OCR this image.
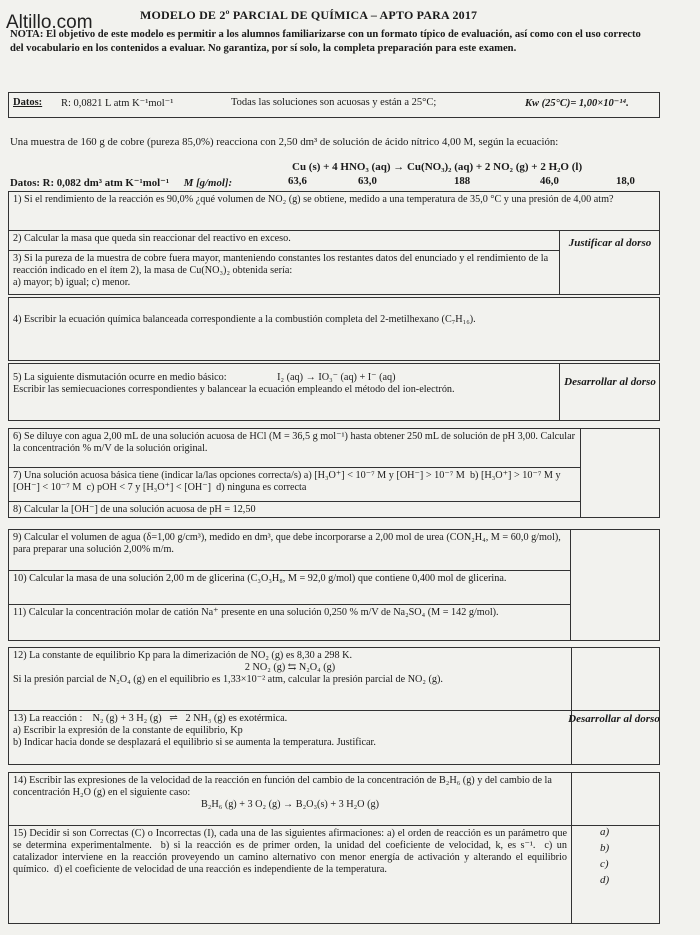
Altillo.com	MODELO DE 2º PARCIAL DE QUÍMICA – APTO PARA 2017
NOTA: El objetivo de este modelo es permitir a los alumnos familiarizarse con un formato típico de evaluación, así como con el uso correcto del vocabulario en los contenidos a evaluar. No garantiza, por sí solo, la completa preparación para este examen.
Datos: R: 0,0821 L atm K⁻¹mol⁻¹	Todas las soluciones son acuosas y están a 25°C;	Kw (25°C)= 1,00×10⁻¹⁴.
Una muestra de 160 g de cobre (pureza 85,0%) reacciona con 2,50 dm³ de solución de ácido nítrico 4,00 M, según la ecuación:
Cu (s) + 4 HNO₃ (aq) → Cu(NO₃)₂ (aq) + 2 NO₂ (g) + 2 H₂O (l)
Datos: R: 0,082 dm³ atm K⁻¹mol⁻¹ M [g/mol]:	63,6	63,0	188	46,0	18,0
1) Si el rendimiento de la reacción es 90,0% ¿qué volumen de NO₂ (g) se obtiene, medido a una temperatura de 35,0 °C y una presión de 4,00 atm?
2) Calcular la masa que queda sin reaccionar del reactivo en exceso.
3) Si la pureza de la muestra de cobre fuera mayor, manteniendo constantes los restantes datos del enunciado y el rendimiento de la reacción indicado en el ítem 2), la masa de Cu(NO₃)₂ obtenida sería:
a) mayor; b) igual; c) menor.
Justificar al dorso
4) Escribir la ecuación química balanceada correspondiente a la combustión completa del 2-metilhexano (C₇H₁₆).
5) La siguiente dismutación ocurre en medio básico:	I₂ (aq) → IO₃⁻ (aq) + I⁻ (aq)
Escribir las semiecuaciones correspondientes y balancear la ecuación empleando el método del ion-electrón.
Desarrollar al dorso
6) Se diluye con agua 2,00 mL de una solución acuosa de HCl (M = 36,5 g mol⁻¹) hasta obtener 250 mL de solución de pH 3,00. Calcular la concentración % m/V de la solución original.
7) Una solución acuosa básica tiene (indicar la/las opciones correcta/s) a) [H₃O⁺] < 10⁻⁷ M y [OH⁻] > 10⁻⁷ M  b) [H₃O⁺] > 10⁻⁷ M y [OH⁻] < 10⁻⁷ M  c) pOH < 7 y [H₃O⁺] < [OH⁻]  d) ninguna es correcta
8) Calcular la [OH⁻] de una solución acuosa de pH = 12,50
9) Calcular el volumen de agua (δ=1,00 g/cm³), medido en dm³, que debe incorporarse a 2,00 mol de urea (CON₂H₄, M = 60,0 g/mol), para preparar una solución 2,00% m/m.
10) Calcular la masa de una solución 2,00 m de glicerina (C₃O₃H₈, M = 92,0 g/mol) que contiene 0,400 mol de glicerina.
11) Calcular la concentración molar de catión Na⁺ presente en una solución 0,250 % m/V de Na₂SO₄ (M = 142 g/mol).
12) La constante de equilibrio Kp para la dimerización de NO₂ (g) es 8,30 a 298 K.
2 NO₂ (g) ⇆ N₂O₄ (g)
Si la presión parcial de N₂O₄ (g) en el equilibrio es 1,33×10⁻² atm, calcular la presión parcial de NO₂ (g).
13) La reacción :    N₂ (g) + 3 H₂ (g)   ⇌   2 NH₃ (g) es exotérmica.
a) Escribir la expresión de la constante de equilibrio, Kp
b) Indicar hacia donde se desplazará el equilibrio si se aumenta la temperatura. Justificar.
Desarrollar al dorso
14) Escribir las expresiones de la velocidad de la reacción en función del cambio de la concentración de B₂H₆ (g) y del cambio de la concentración H₂O (g) en el siguiente caso:
B₂H₆ (g) + 3 O₂ (g) → B₂O₃(s) + 3 H₂O (g)
15) Decidir si son Correctas (C) o Incorrectas (I), cada una de las siguientes afirmaciones: a) el orden de reacción es un parámetro que se determina experimentalmente.  b) si la reacción es de primer orden, la unidad del coeficiente de velocidad, k, es s⁻¹.  c) un catalizador interviene en la reacción proveyendo un camino alternativo con menor energía de activación y alterando el equilibrio químico.  d) el coeficiente de velocidad de una reacción es independiente de la temperatura.
a)
b)
c)
d)
